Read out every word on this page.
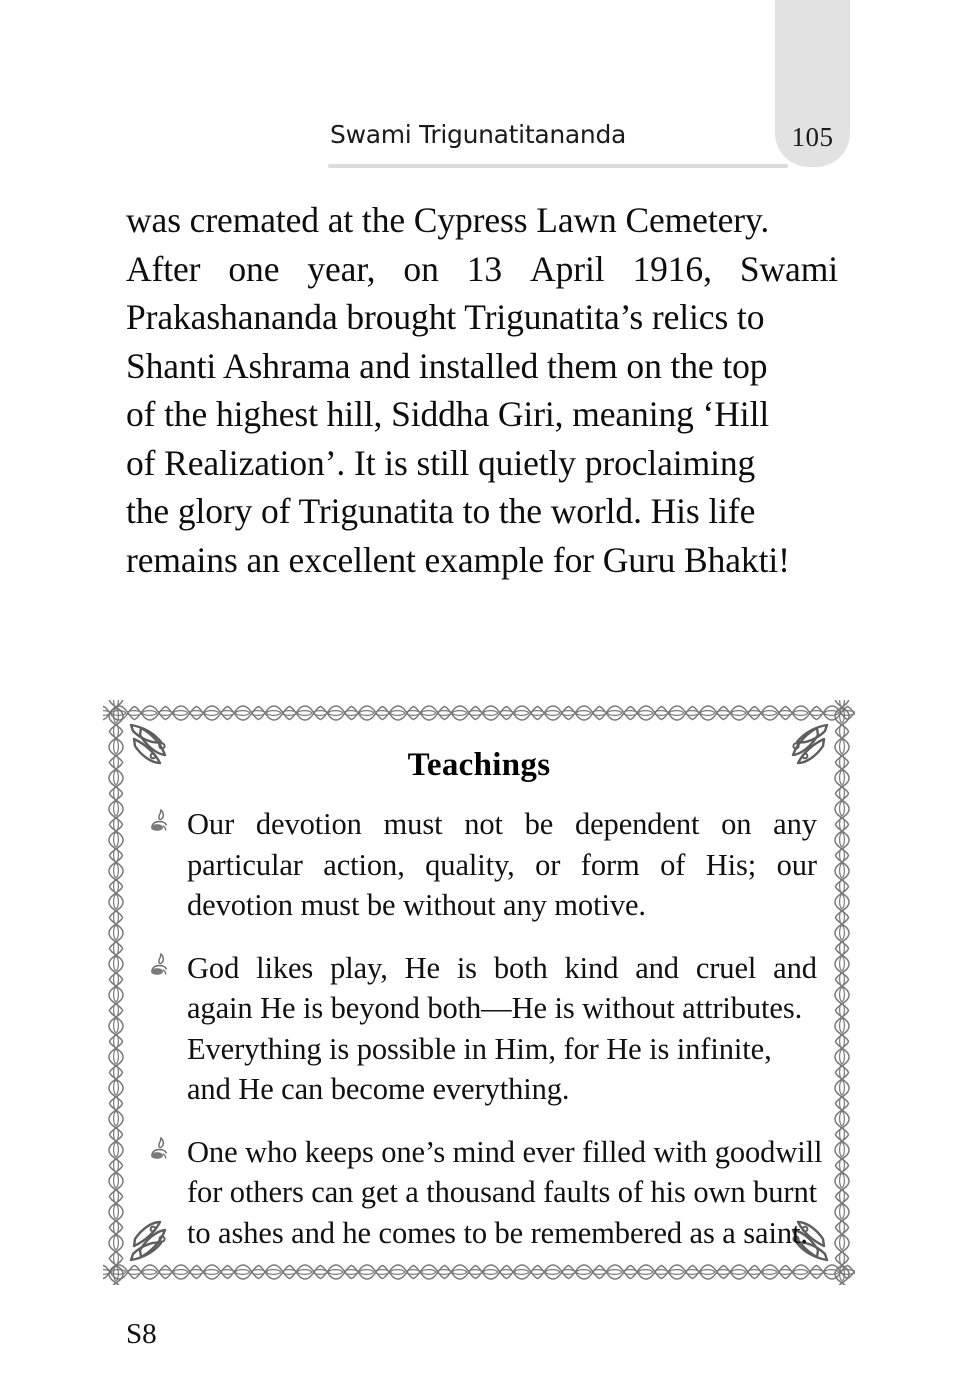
Swami Trigunatitananda	105
was cremated at the Cypress Lawn Cemetery.
After one year, on 13 April 1916, Swami
Prakashananda brought Trigunatita’s relics to
Shanti Ashrama and installed them on the top
of the highest hill, Siddha Giri, meaning ‘Hill
of Realization’. It is still quietly proclaiming
the glory of Trigunatita to the world. His life
remains an excellent example for Guru Bhakti!
Teachings
Our devotion must not be dependent on any
particular action, quality, or form of His; our
devotion must be without any motive.
God likes play, He is both kind and cruel and
again He is beyond both—He is without attributes.
Everything is possible in Him, for He is infinite,
and He can become everything.
One who keeps one’s mind ever filled with goodwill
for others can get a thousand faults of his own burnt
to ashes and he comes to be remembered as a saint.
S8
